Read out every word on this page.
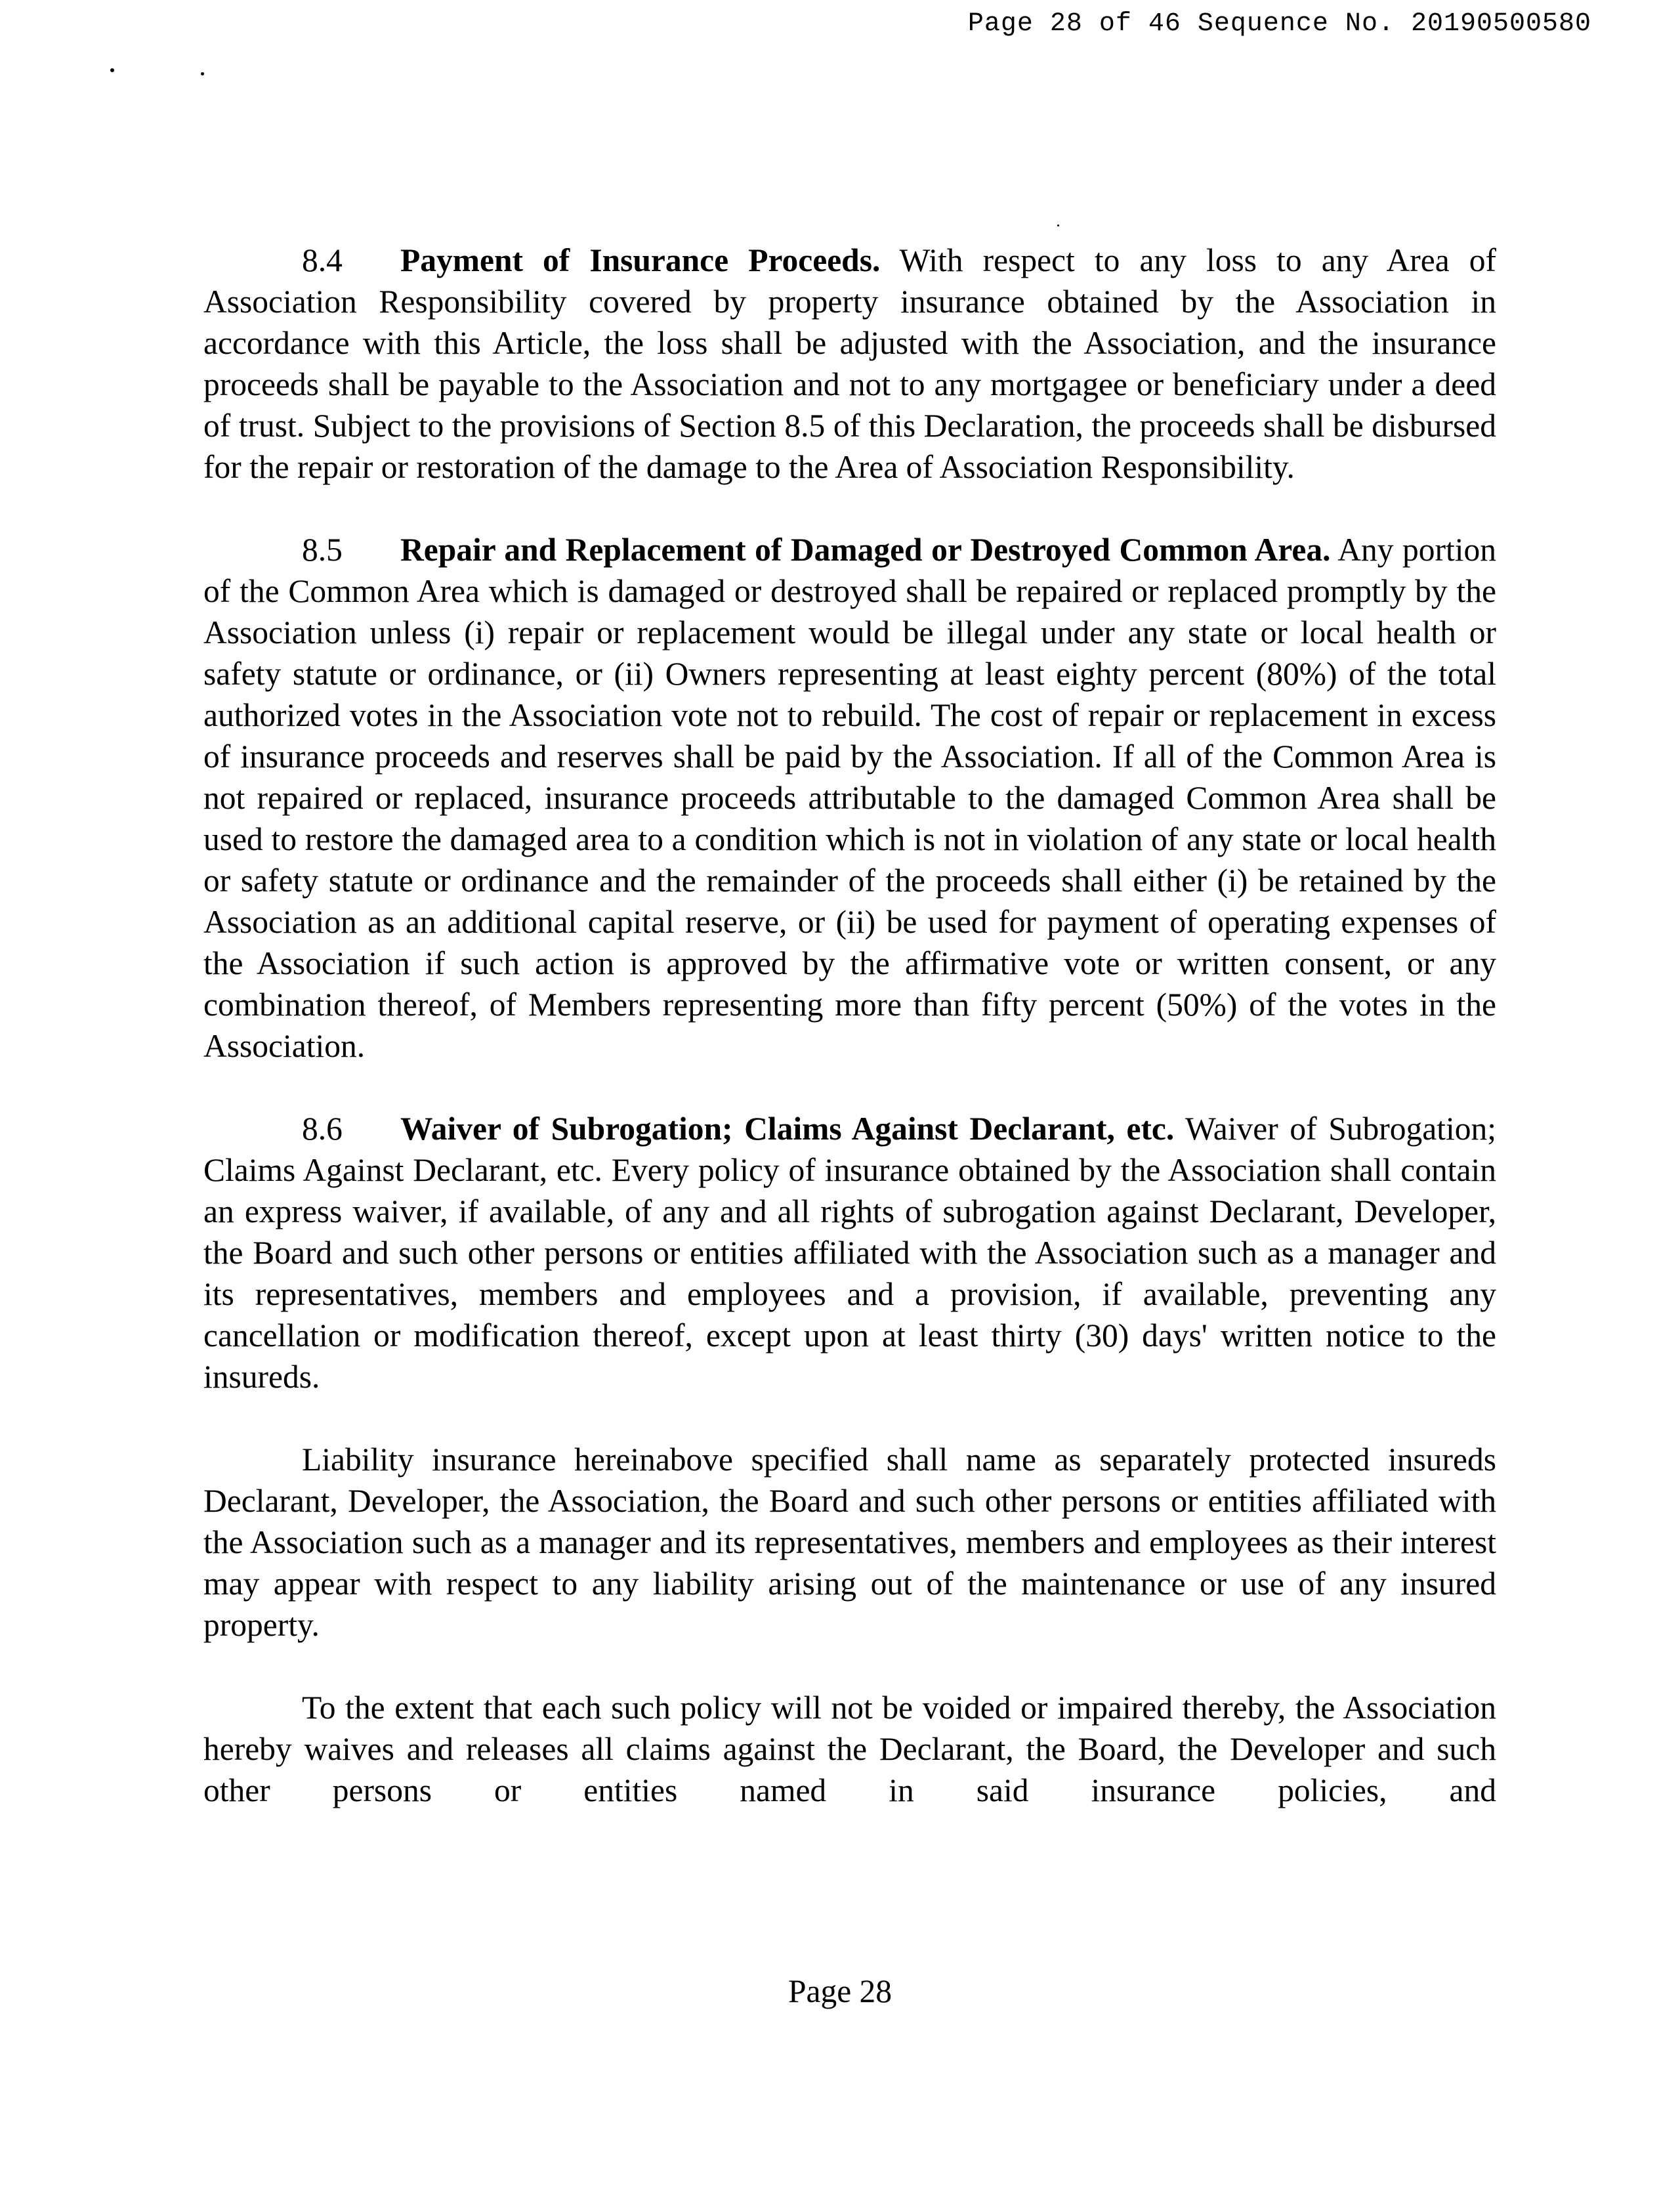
Page 28 of 46 Sequence No. 20190500580

8.4 Payment of Insurance Proceeds. With respect to any loss to any Area of Association Responsibility covered by property insurance obtained by the Association in accordance with this Article, the loss shall be adjusted with the Association, and the insurance proceeds shall be payable to the Association and not to any mortgagee or beneficiary under a deed of trust. Subject to the provisions of Section 8.5 of this Declaration, the proceeds shall be disbursed for the repair or restoration of the damage to the Area of Association Responsibility.

8.5 Repair and Replacement of Damaged or Destroyed Common Area. Any portion of the Common Area which is damaged or destroyed shall be repaired or replaced promptly by the Association unless (i) repair or replacement would be illegal under any state or local health or safety statute or ordinance, or (ii) Owners representing at least eighty percent (80%) of the total authorized votes in the Association vote not to rebuild. The cost of repair or replacement in excess of insurance proceeds and reserves shall be paid by the Association. If all of the Common Area is not repaired or replaced, insurance proceeds attributable to the damaged Common Area shall be used to restore the damaged area to a condition which is not in violation of any state or local health or safety statute or ordinance and the remainder of the proceeds shall either (i) be retained by the Association as an additional capital reserve, or (ii) be used for payment of operating expenses of the Association if such action is approved by the affirmative vote or written consent, or any combination thereof, of Members representing more than fifty percent (50%) of the votes in the Association.

8.6 Waiver of Subrogation; Claims Against Declarant, etc. Waiver of Subrogation; Claims Against Declarant, etc. Every policy of insurance obtained by the Association shall contain an express waiver, if available, of any and all rights of subrogation against Declarant, Developer, the Board and such other persons or entities affiliated with the Association such as a manager and its representatives, members and employees and a provision, if available, preventing any cancellation or modification thereof, except upon at least thirty (30) days' written notice to the insureds.

Liability insurance hereinabove specified shall name as separately protected insureds Declarant, Developer, the Association, the Board and such other persons or entities affiliated with the Association such as a manager and its representatives, members and employees as their interest may appear with respect to any liability arising out of the maintenance or use of any insured property.

To the extent that each such policy will not be voided or impaired thereby, the Association hereby waives and releases all claims against the Declarant, the Board, the Developer and such other persons or entities named in said insurance policies, and

Page 28
